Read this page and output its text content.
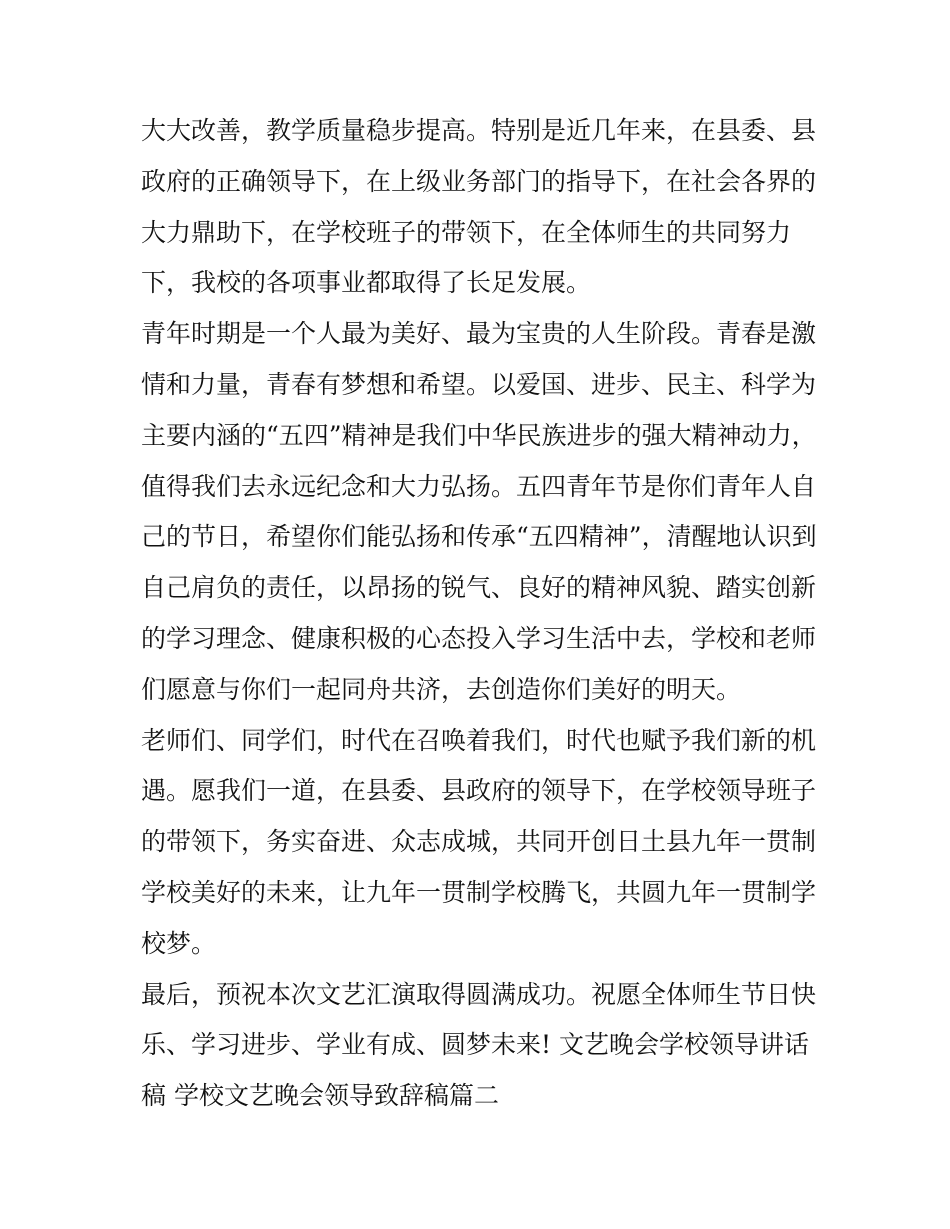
大大改善，教学质量稳步提高。特别是近几年来，在县委、县
政府的正确领导下，在上级业务部门的指导下，在社会各界的
大力鼎助下，在学校班子的带领下，在全体师生的共同努力
下，我校的各项事业都取得了长足发展。
青年时期是一个人最为美好、最为宝贵的人生阶段。青春是激
情和力量，青春有梦想和希望。以爱国、进步、民主、科学为
主要内涵的“五四”精神是我们中华民族进步的强大精神动力，
值得我们去永远纪念和大力弘扬。五四青年节是你们青年人自
己的节日，希望你们能弘扬和传承“五四精神”，清醒地认识到
自己肩负的责任，以昂扬的锐气、良好的精神风貌、踏实创新
的学习理念、健康积极的心态投入学习生活中去，学校和老师
们愿意与你们一起同舟共济，去创造你们美好的明天。
老师们、同学们，时代在召唤着我们，时代也赋予我们新的机
遇。愿我们一道，在县委、县政府的领导下，在学校领导班子
的带领下，务实奋进、众志成城，共同开创日土县九年一贯制
学校美好的未来，让九年一贯制学校腾飞，共圆九年一贯制学
校梦。
最后，预祝本次文艺汇演取得圆满成功。祝愿全体师生节日快
乐、学习进步、学业有成、圆梦未来! 文艺晚会学校领导讲话
稿 学校文艺晚会领导致辞稿篇二
